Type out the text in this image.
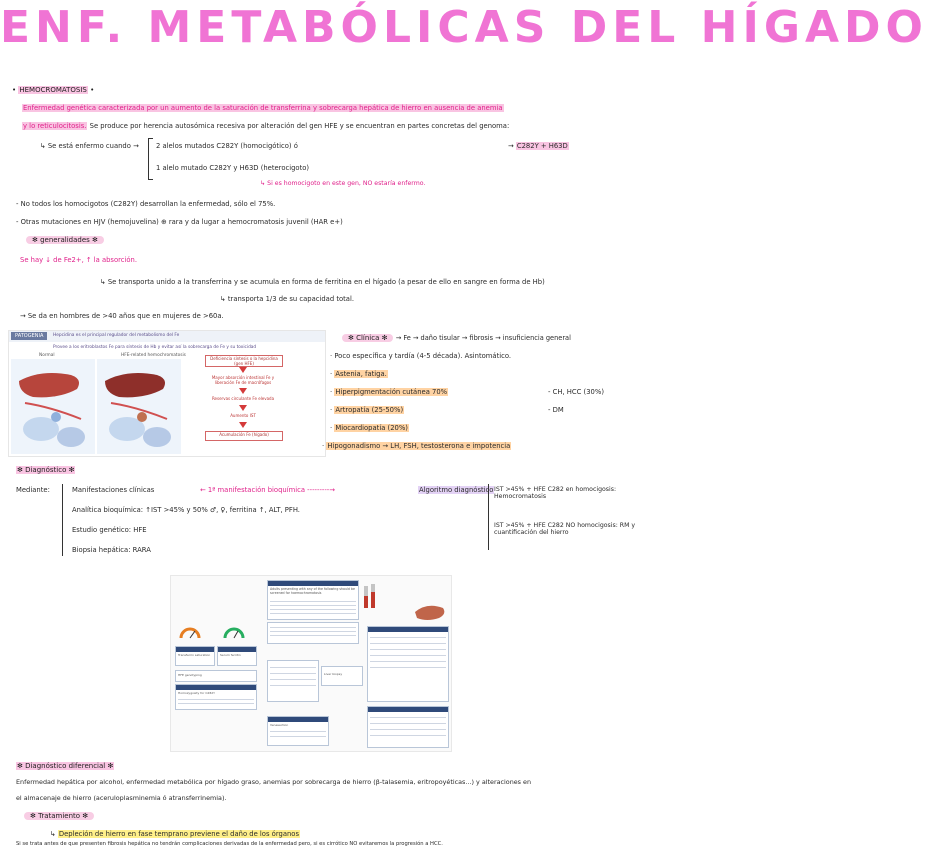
ENF. METABÓLICAS DEL HÍGADO
• HEMOCROMATOSIS •
Enfermedad genética caracterizada por un aumento de la saturación de transferrina y sobrecarga hepática de hierro en ausencia de anemia
y lo reticulocitosis. Se produce por herencia autosómica recesiva por alteración del gen HFE y se encuentran en partes concretas del genoma:
→ C282Y + H63D
↳ Se está enfermo cuando →	2 alelos mutados C282Y (homocigótico) ó
1 alelo mutado C282Y y H63D (heterocigoto)
↳ Si es homocigoto en este gen, NO estaría enfermo.
- No todos los homocigotos (C282Y) desarrollan la enfermedad, sólo el 75%.
- Otras mutaciones en HJV (hemojuvelina) ⊕ rara y da lugar a hemocromatosis juvenil (HAR e+)
✻ generalidades ✻
Se hay ↓ de Fe2+, ↑ la absorción.
↳ Se transporta unido a la transferrina y se acumula en forma de ferritina en el hígado (a pesar de ello en sangre en forma de Hb)
↳ transporta 1/3 de su capacidad total.
→ Se da en hombres de >40 años que en mujeres de >60a.
PATOGENIA	Hepcidina es el principal regulador del metabolismo del Fe
Provee a los eritroblastos Fe para síntesis de Hb y evitar así la sobrecarga de Fe y su toxicidad
Normal	HFE-related hemochromatosis
Deficiencia síntesis o la hepcidina (gen HFE)
Mayor absorción intestinal Fe y liberación Fe de macrófagos
Reservas circulante Fe elevada
Aumento IST
Acumulación Fe (hígado)
✻ Clínica ✻ → Fe → daño tisular → fibrosis → insuficiencia general
· Poco específica y tardía (4-5 década). Asintomático.
· Astenia, fatiga.
· Hiperpigmentación cutánea 70%
· Artropatía (25-50%)
· Miocardiopatía (20%)
· Hipogonadismo → LH, FSH, testosterona e impotencia
- CH, HCC (30%)
- DM
✻ Diagnóstico ✻
Mediante:	Manifestaciones clínicas
Analítica bioquímica: ↑IST >45% y 50% ♂, ♀, ferritina ↑, ALT, PFH.
Estudio genético: HFE
Biopsia hepática: RARA
← 1ª manifestación bioquímica ---------→	Algoritmo diagnóstico IST >45% + HFE C282 en homocigosis: Hemocromatosis
IST >45% + HFE C282 NO homocigosis: RM y cuantificación del hierro
Adults presenting with any of the following should be screened for haemochromatosis
Transferrin saturation	Serum ferritin
HFE genotyping
Homozygosity for C282Y
Liver biopsy
Venesection
✻ Diagnóstico diferencial ✻
Enfermedad hepática por alcohol, enfermedad metabólica por hígado graso, anemias por sobrecarga de hierro (β-talasemia, eritropoyéticas...) y alteraciones en
el almacenaje de hierro (aceruloplasminemia ó atransferrinemia).
✻ Tratamiento ✻
↳ Depleción de hierro en fase temprano previene el daño de los órganos
Si se trata antes de que presenten fibrosis hepática no tendrán complicaciones derivadas de la enfermedad pero, si es cirrótico NO evitaremos la progresión a HCC.
